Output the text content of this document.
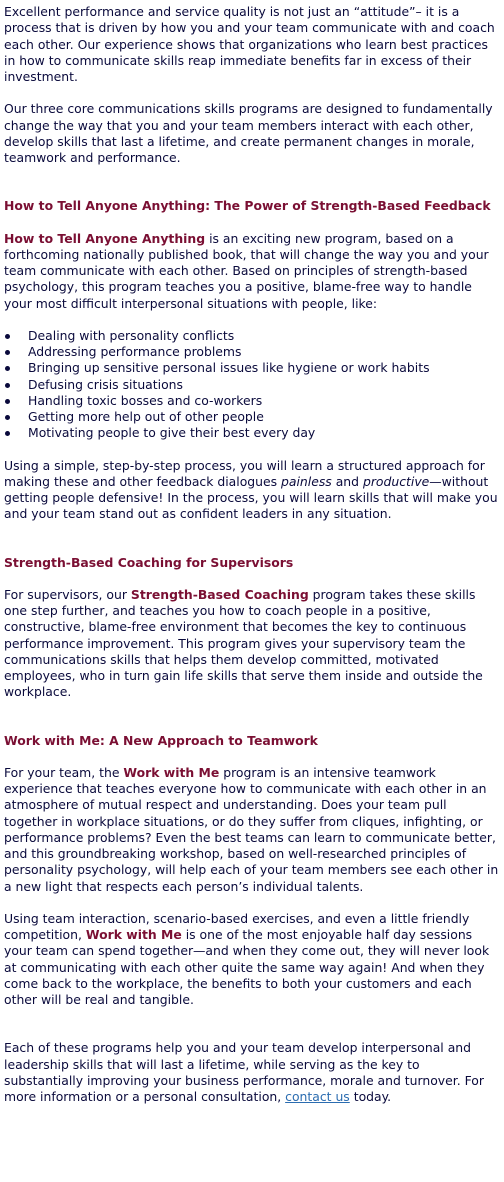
Excellent performance and service quality is not just an “attitude”– it is a process that is driven by how you and your team communicate with and coach each other. Our experience shows that organizations who learn best practices in how to communicate skills reap immediate benefits far in excess of their investment.

Our three core communications skills programs are designed to fundamentally change the way that you and your team members interact with each other, develop skills that last a lifetime, and create permanent changes in morale, teamwork and performance.

How to Tell Anyone Anything: The Power of Strength-Based Feedback

How to Tell Anyone Anything is an exciting new program, based on a forthcoming nationally published book, that will change the way you and your team communicate with each other. Based on principles of strength-based psychology, this program teaches you a positive, blame-free way to handle your most difficult interpersonal situations with people, like:

Dealing with personality conflicts
Addressing performance problems
Bringing up sensitive personal issues like hygiene or work habits
Defusing crisis situations
Handling toxic bosses and co-workers
Getting more help out of other people
Motivating people to give their best every day

Using a simple, step-by-step process, you will learn a structured approach for making these and other feedback dialogues painless and productive—without getting people defensive! In the process, you will learn skills that will make you and your team stand out as confident leaders in any situation.

Strength-Based Coaching for Supervisors

For supervisors, our Strength-Based Coaching program takes these skills one step further, and teaches you how to coach people in a positive, constructive, blame-free environment that becomes the key to continuous performance improvement. This program gives your supervisory team the communications skills that helps them develop committed, motivated employees, who in turn gain life skills that serve them inside and outside the workplace.

Work with Me: A New Approach to Teamwork

For your team, the Work with Me program is an intensive teamwork experience that teaches everyone how to communicate with each other in an atmosphere of mutual respect and understanding. Does your team pull together in workplace situations, or do they suffer from cliques, infighting, or performance problems? Even the best teams can learn to communicate better, and this groundbreaking workshop, based on well-researched principles of personality psychology, will help each of your team members see each other in a new light that respects each person’s individual talents.

Using team interaction, scenario-based exercises, and even a little friendly competition, Work with Me is one of the most enjoyable half day sessions your team can spend together—and when they come out, they will never look at communicating with each other quite the same way again! And when they come back to the workplace, the benefits to both your customers and each other will be real and tangible.

Each of these programs help you and your team develop interpersonal and leadership skills that will last a lifetime, while serving as the key to substantially improving your business performance, morale and turnover. For more information or a personal consultation, contact us today.
